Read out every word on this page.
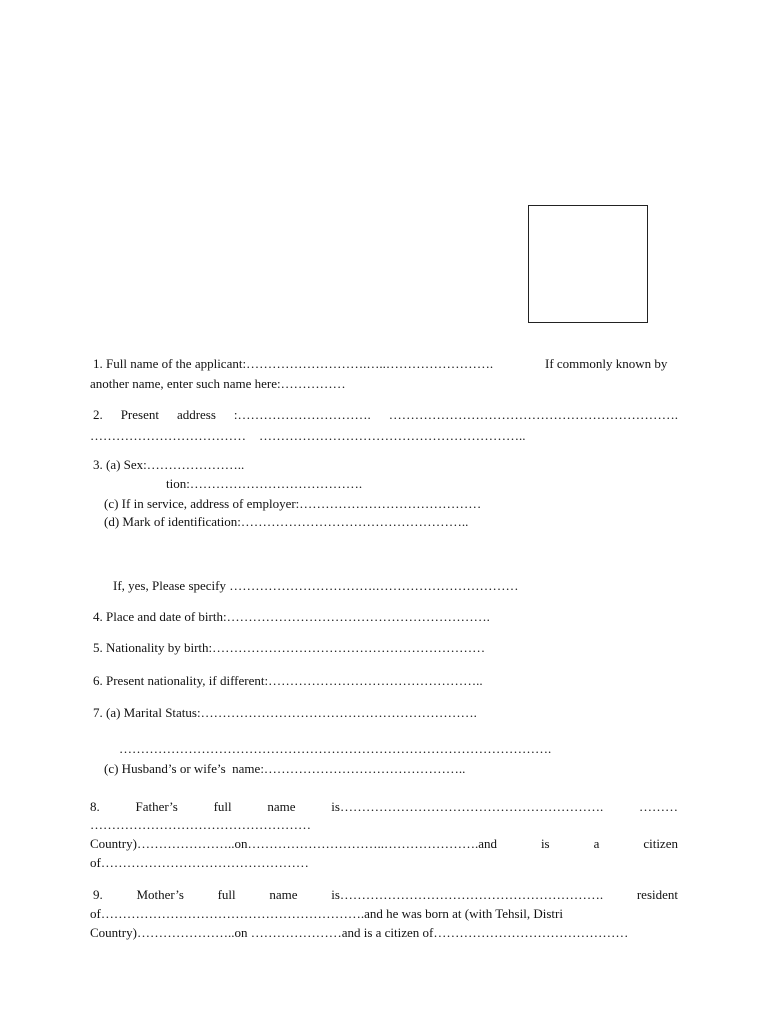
1. Full name of the applicant:……………………….…..…………………….	If commonly known by
another name, enter such name here:……………
2. Present address :…………………………. ………………………………………………………….
………………………………    ……………………………………………………..
3. (a) Sex:…………………..
tion:………………………………….
(c) If in service, address of employer:……………………………………
(d) Mark of identification:……………………………………………..
If, yes, Please specify …………………………….……………………………
4. Place and date of birth:…………………………………………………….
5. Nationality by birth:………………………………………………………
6. Present nationality, if different:…………………………………………..
7. (a) Marital Status:……………………………………………………….
……………………………………………………………………………………….
(c) Husband’s or wife’s  name:………………………………………..
8.	Father’s	full	name	is…………………………………………………….	………
……………………………………………
Country)…………………..on…………………………..………………….and	is	a	citizen
of…………………………………………
9.	Mother’s	full	name	is…………………………………………………….	resident
of…………………………………………………….and he was born at (with Tehsil, Distri
Country)…………………..on …………………and is a citizen of………………………………………
